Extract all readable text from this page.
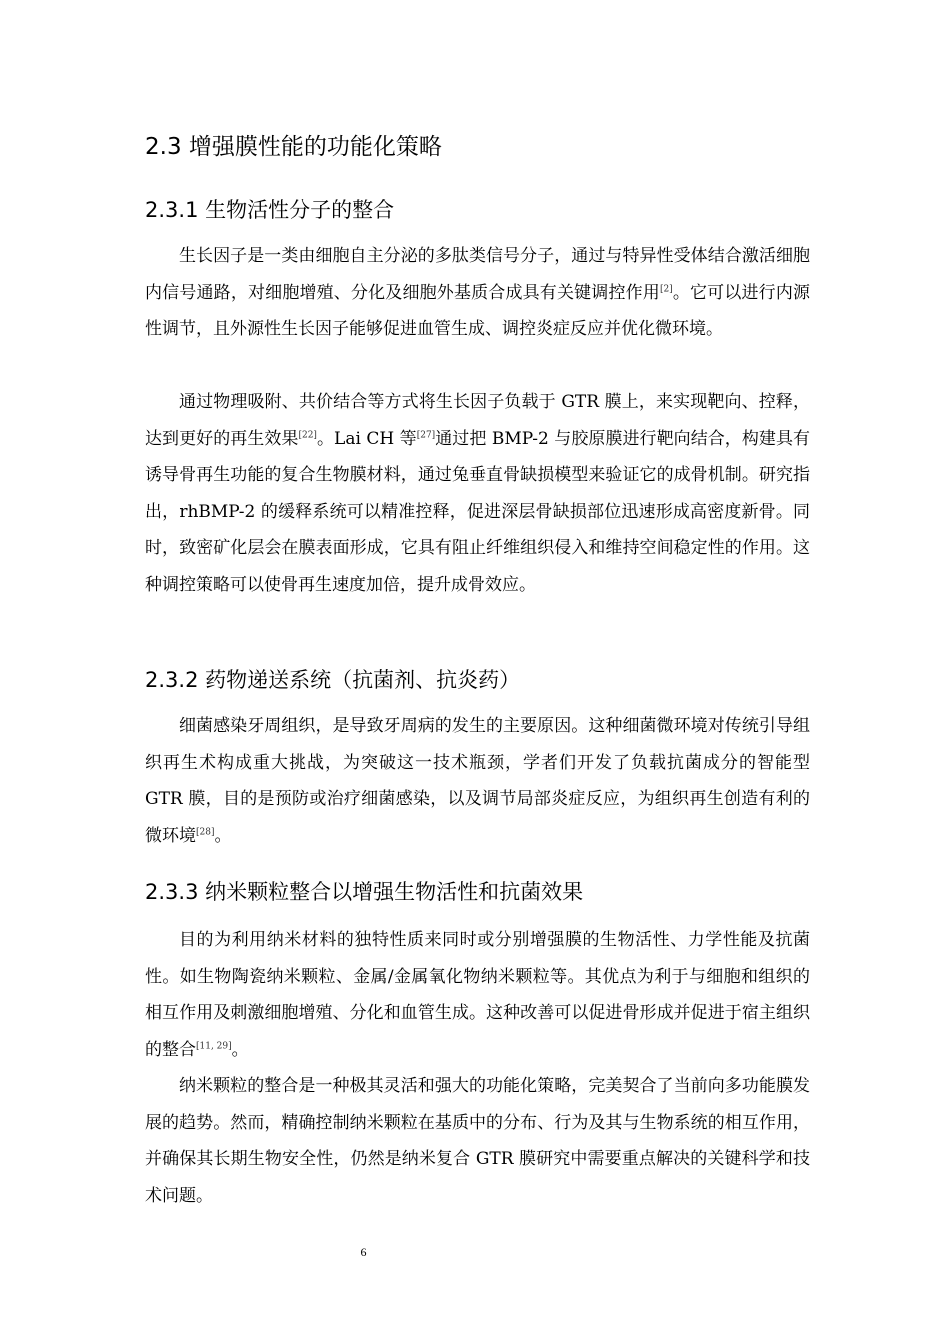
2.3 增强膜性能的功能化策略
2.3.1 生物活性分子的整合

生长因子是一类由细胞自主分泌的多肽类信号分子，通过与特异性受体结合激活细胞内信号通路，对细胞增殖、分化及细胞外基质合成具有关键调控作用[2]。它可以进行内源性调节，且外源性生长因子能够促进血管生成、调控炎症反应并优化微环境。

通过物理吸附、共价结合等方式将生长因子负载于 GTR 膜上，来实现靶向、控释，达到更好的再生效果[22]。Lai CH 等[27]通过把 BMP-2 与胶原膜进行靶向结合，构建具有诱导骨再生功能的复合生物膜材料，通过兔垂直骨缺损模型来验证它的成骨机制。研究指出，rhBMP-2 的缓释系统可以精准控释，促进深层骨缺损部位迅速形成高密度新骨。同时，致密矿化层会在膜表面形成，它具有阻止纤维组织侵入和维持空间稳定性的作用。这种调控策略可以使骨再生速度加倍，提升成骨效应。

2.3.2 药物递送系统（抗菌剂、抗炎药）

细菌感染牙周组织，是导致牙周病的发生的主要原因。这种细菌微环境对传统引导组织再生术构成重大挑战，为突破这一技术瓶颈，学者们开发了负载抗菌成分的智能型 GTR 膜，目的是预防或治疗细菌感染，以及调节局部炎症反应，为组织再生创造有利的微环境[28]。

2.3.3 纳米颗粒整合以增强生物活性和抗菌效果

目的为利用纳米材料的独特性质来同时或分别增强膜的生物活性、力学性能及抗菌性。如生物陶瓷纳米颗粒、金属/金属氧化物纳米颗粒等。其优点为利于与细胞和组织的相互作用及刺激细胞增殖、分化和血管生成。这种改善可以促进骨形成并促进于宿主组织的整合[11, 29]。

纳米颗粒的整合是一种极其灵活和强大的功能化策略，完美契合了当前向多功能膜发展的趋势。然而，精确控制纳米颗粒在基质中的分布、行为及其与生物系统的相互作用，并确保其长期生物安全性，仍然是纳米复合 GTR 膜研究中需要重点解决的关键科学和技术问题。

6
